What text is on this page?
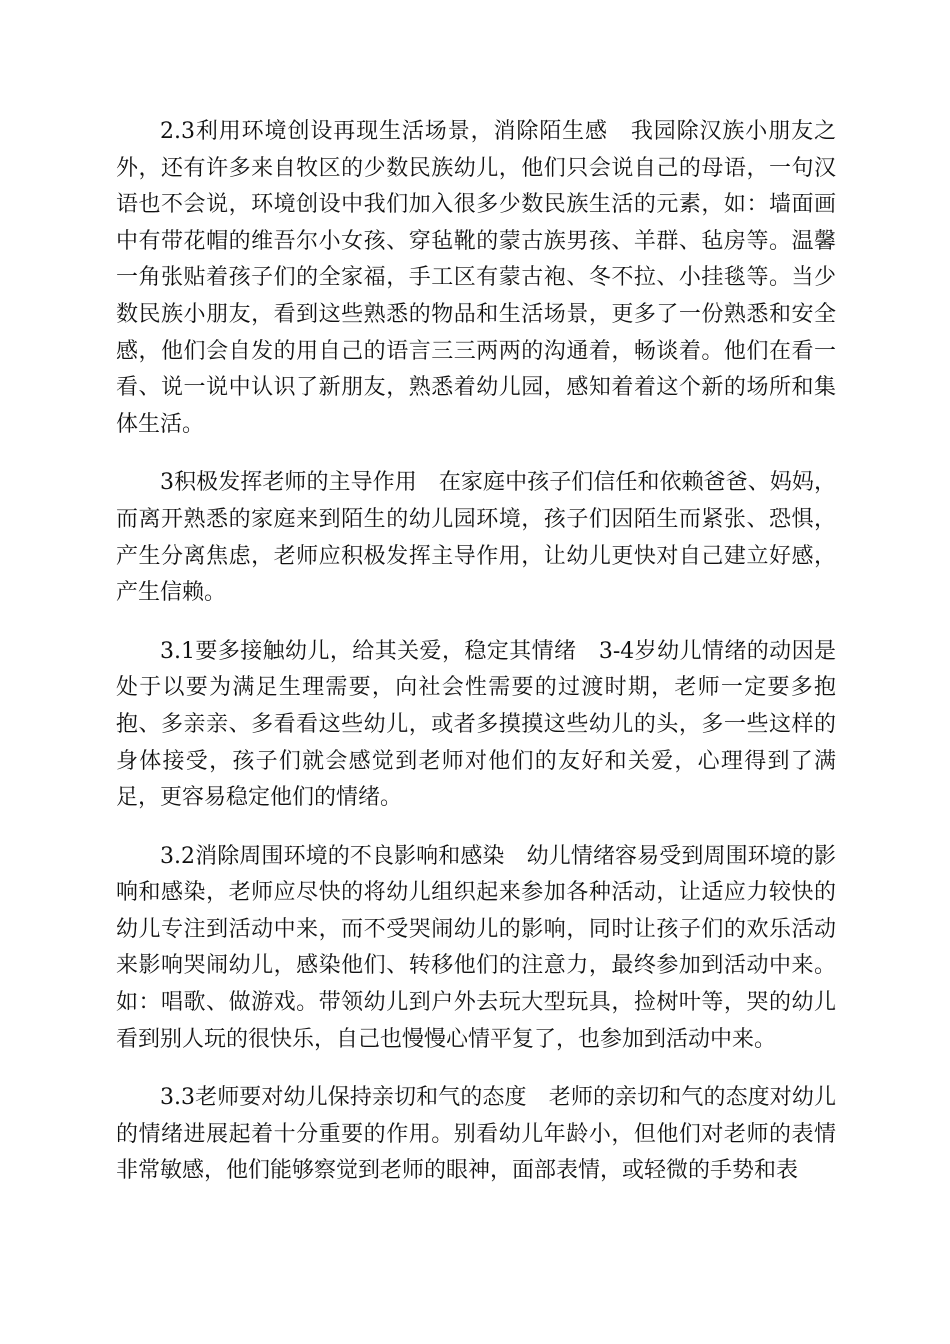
2.3利用环境创设再现生活场景，消除陌生感　我园除汉族小朋友之外，还有许多来自牧区的少数民族幼儿，他们只会说自己的母语，一句汉语也不会说，环境创设中我们加入很多少数民族生活的元素，如：墙面画中有带花帽的维吾尔小女孩、穿毡靴的蒙古族男孩、羊群、毡房等。温馨一角张贴着孩子们的全家福，手工区有蒙古袍、冬不拉、小挂毯等。当少数民族小朋友，看到这些熟悉的物品和生活场景，更多了一份熟悉和安全感，他们会自发的用自己的语言三三两两的沟通着，畅谈着。他们在看一看、说一说中认识了新朋友，熟悉着幼儿园，感知着着这个新的场所和集体生活。

3积极发挥老师的主导作用　在家庭中孩子们信任和依赖爸爸、妈妈，而离开熟悉的家庭来到陌生的幼儿园环境，孩子们因陌生而紧张、恐惧，产生分离焦虑，老师应积极发挥主导作用，让幼儿更快对自己建立好感，产生信赖。

3.1要多接触幼儿，给其关爱，稳定其情绪　3-4岁幼儿情绪的动因是处于以要为满足生理需要，向社会性需要的过渡时期，老师一定要多抱抱、多亲亲、多看看这些幼儿，或者多摸摸这些幼儿的头，多一些这样的身体接受，孩子们就会感觉到老师对他们的友好和关爱，心理得到了满足，更容易稳定他们的情绪。

3.2消除周围环境的不良影响和感染　幼儿情绪容易受到周围环境的影响和感染，老师应尽快的将幼儿组织起来参加各种活动，让适应力较快的幼儿专注到活动中来，而不受哭闹幼儿的影响，同时让孩子们的欢乐活动来影响哭闹幼儿，感染他们、转移他们的注意力，最终参加到活动中来。如：唱歌、做游戏。带领幼儿到户外去玩大型玩具，捡树叶等，哭的幼儿看到别人玩的很快乐，自己也慢慢心情平复了，也参加到活动中来。

3.3老师要对幼儿保持亲切和气的态度　老师的亲切和气的态度对幼儿的情绪进展起着十分重要的作用。别看幼儿年龄小，但他们对老师的表情非常敏感，他们能够察觉到老师的眼神，面部表情，或轻微的手势和表
